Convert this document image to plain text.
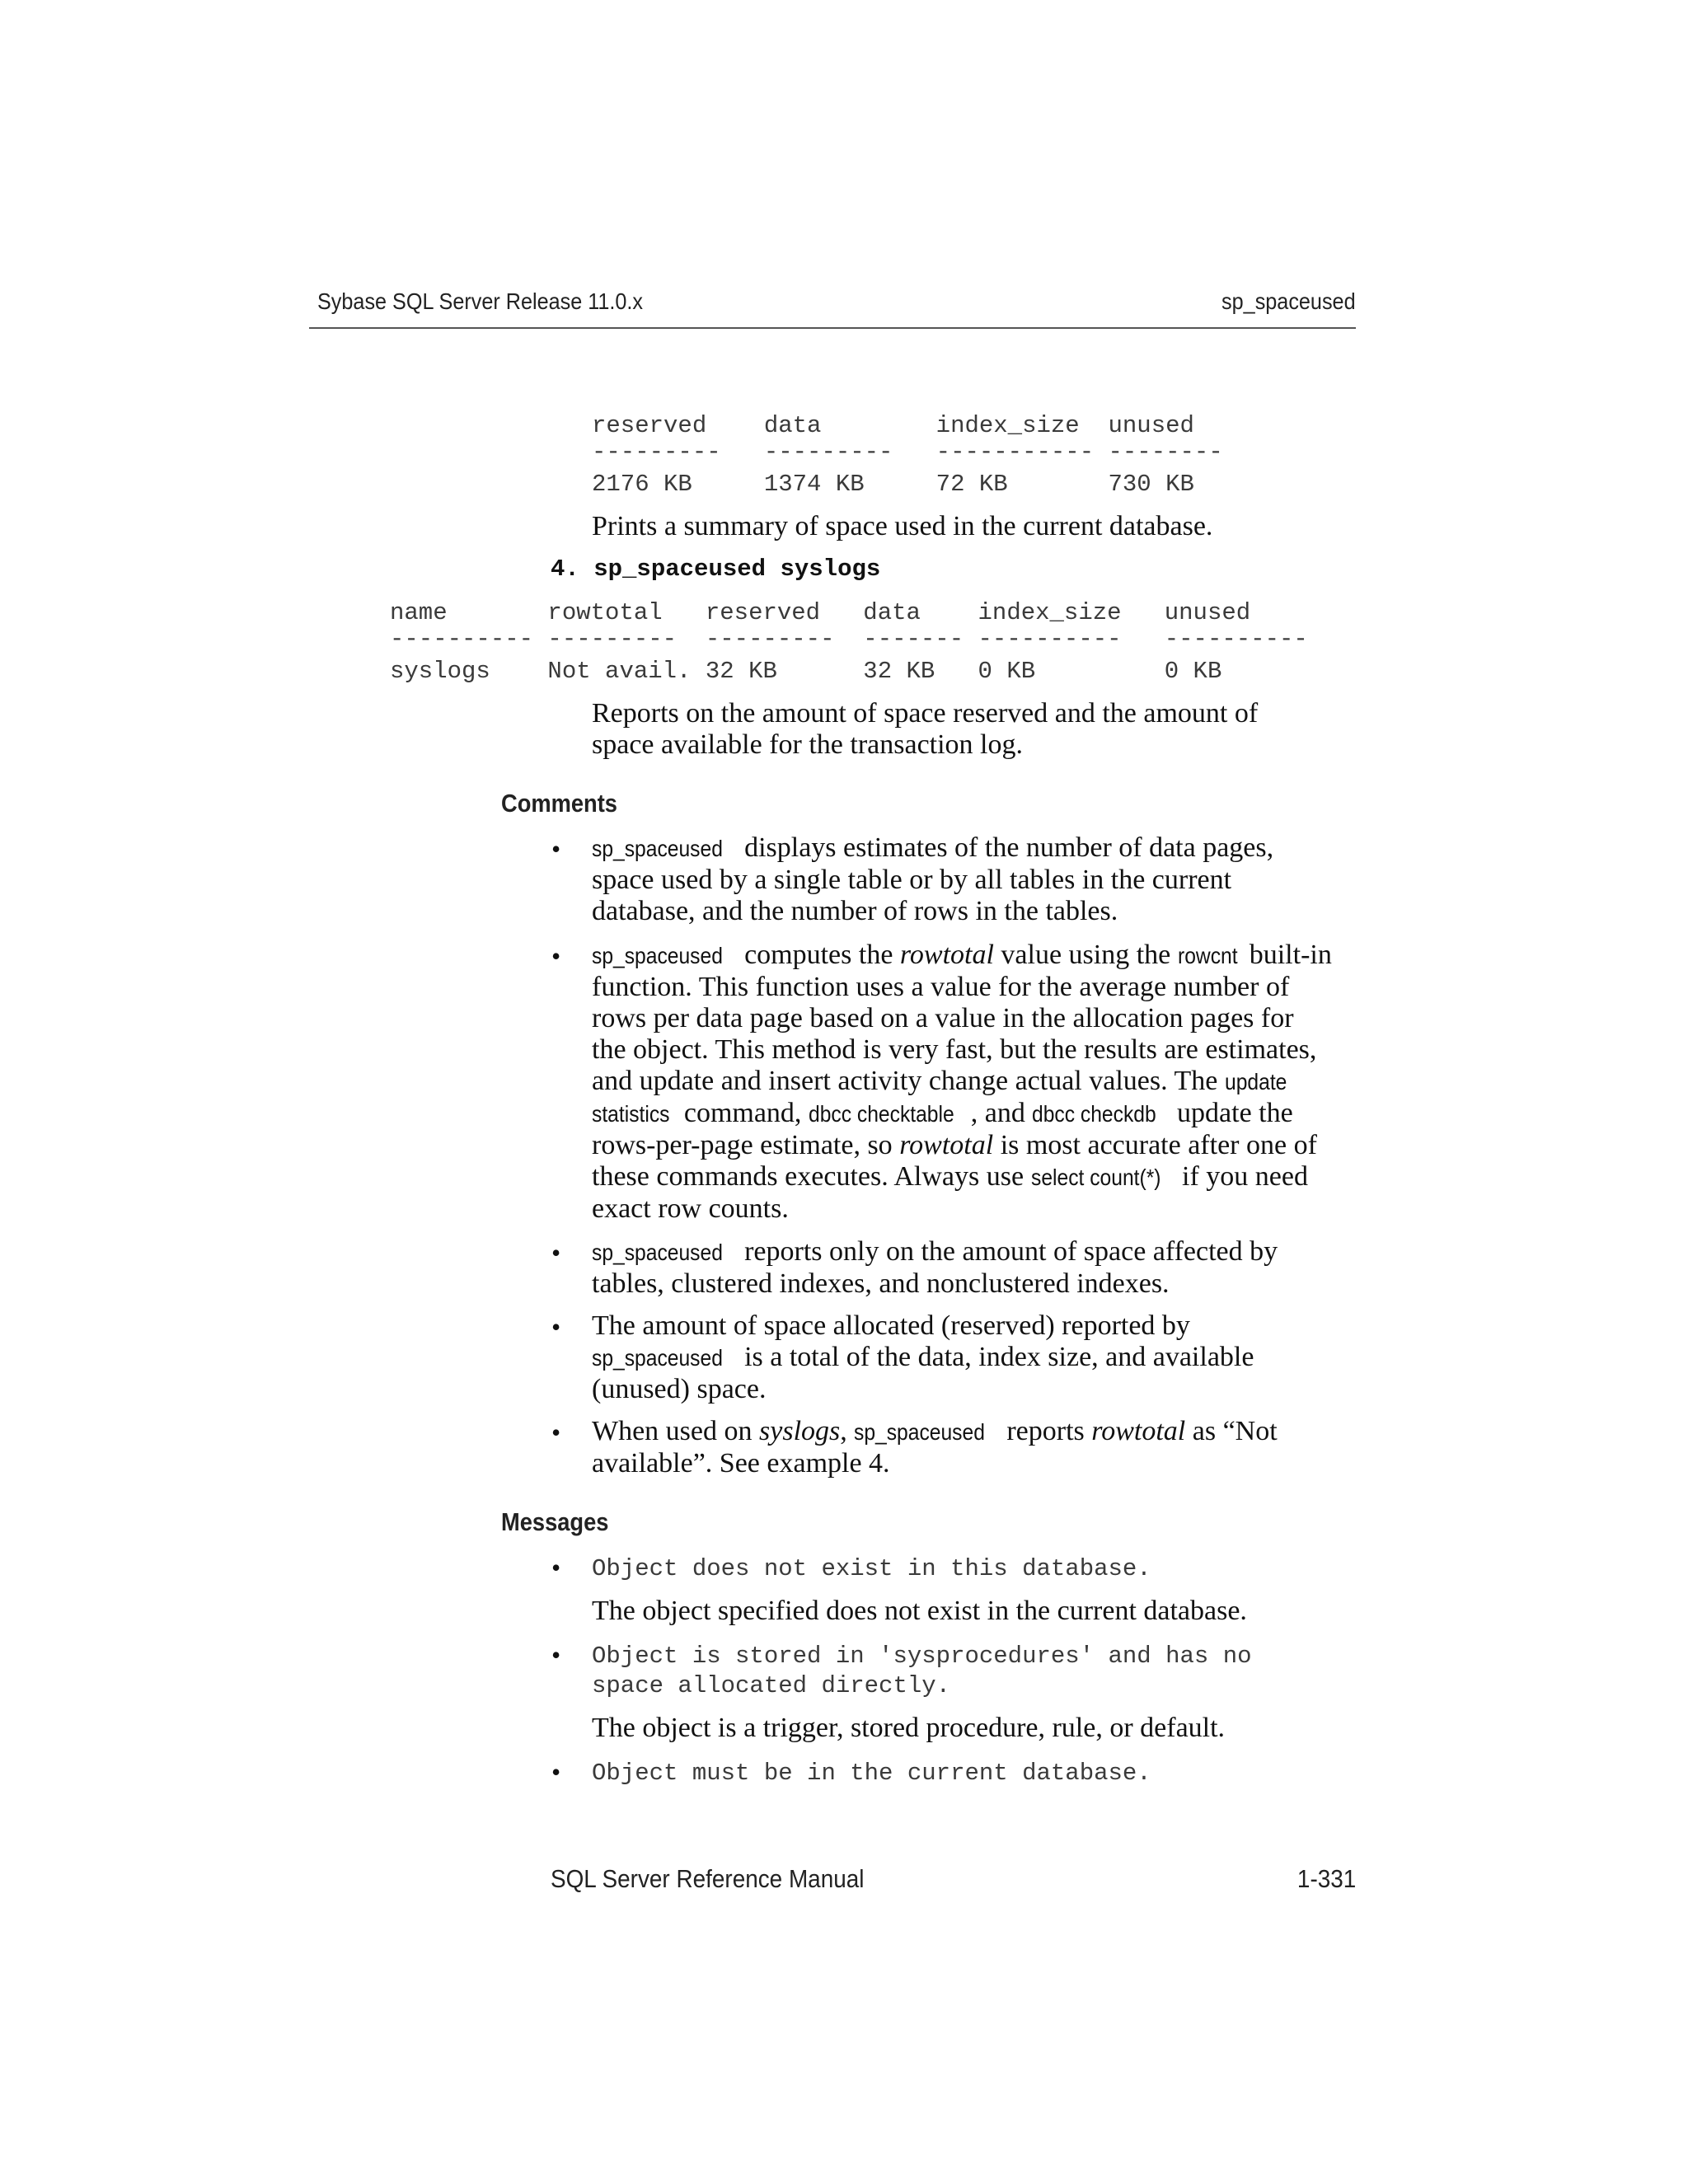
Sybase SQL Server Release 11.0.x	sp_spaceused
reserved    data        index_size  unused
---------   ---------   ----------- --------
2176 KB     1374 KB     72 KB       730 KB
Prints a summary of space used in the current database.
4. sp_spaceused syslogs
name       rowtotal   reserved   data    index_size   unused
---------- ---------  ---------  ------- ----------   ----------
syslogs    Not avail. 32 KB      32 KB   0 KB         0 KB
Reports on the amount of space reserved and the amount of
space available for the transaction log.
Comments
• sp_spaceused displays estimates of the number of data pages,
space used by a single table or by all tables in the current
database, and the number of rows in the tables.
• sp_spaceused computes the rowtotal value using the rowcnt built-in
function. This function uses a value for the average number of
rows per data page based on a value in the allocation pages for
the object. This method is very fast, but the results are estimates,
and update and insert activity change actual values. The update
statistics command, dbcc checktable , and dbcc checkdb update the
rows-per-page estimate, so rowtotal is most accurate after one of
these commands executes. Always use select count(*) if you need
exact row counts.
• sp_spaceused reports only on the amount of space affected by
tables, clustered indexes, and nonclustered indexes.
• The amount of space allocated (reserved) reported by
sp_spaceused is a total of the data, index size, and available
(unused) space.
• When used on syslogs, sp_spaceused reports rowtotal as “Not
available”. See example 4.
Messages
• Object does not exist in this database.
The object specified does not exist in the current database.
• Object is stored in 'sysprocedures' and has no
space allocated directly.
The object is a trigger, stored procedure, rule, or default.
• Object must be in the current database.
SQL Server Reference Manual	1-331
